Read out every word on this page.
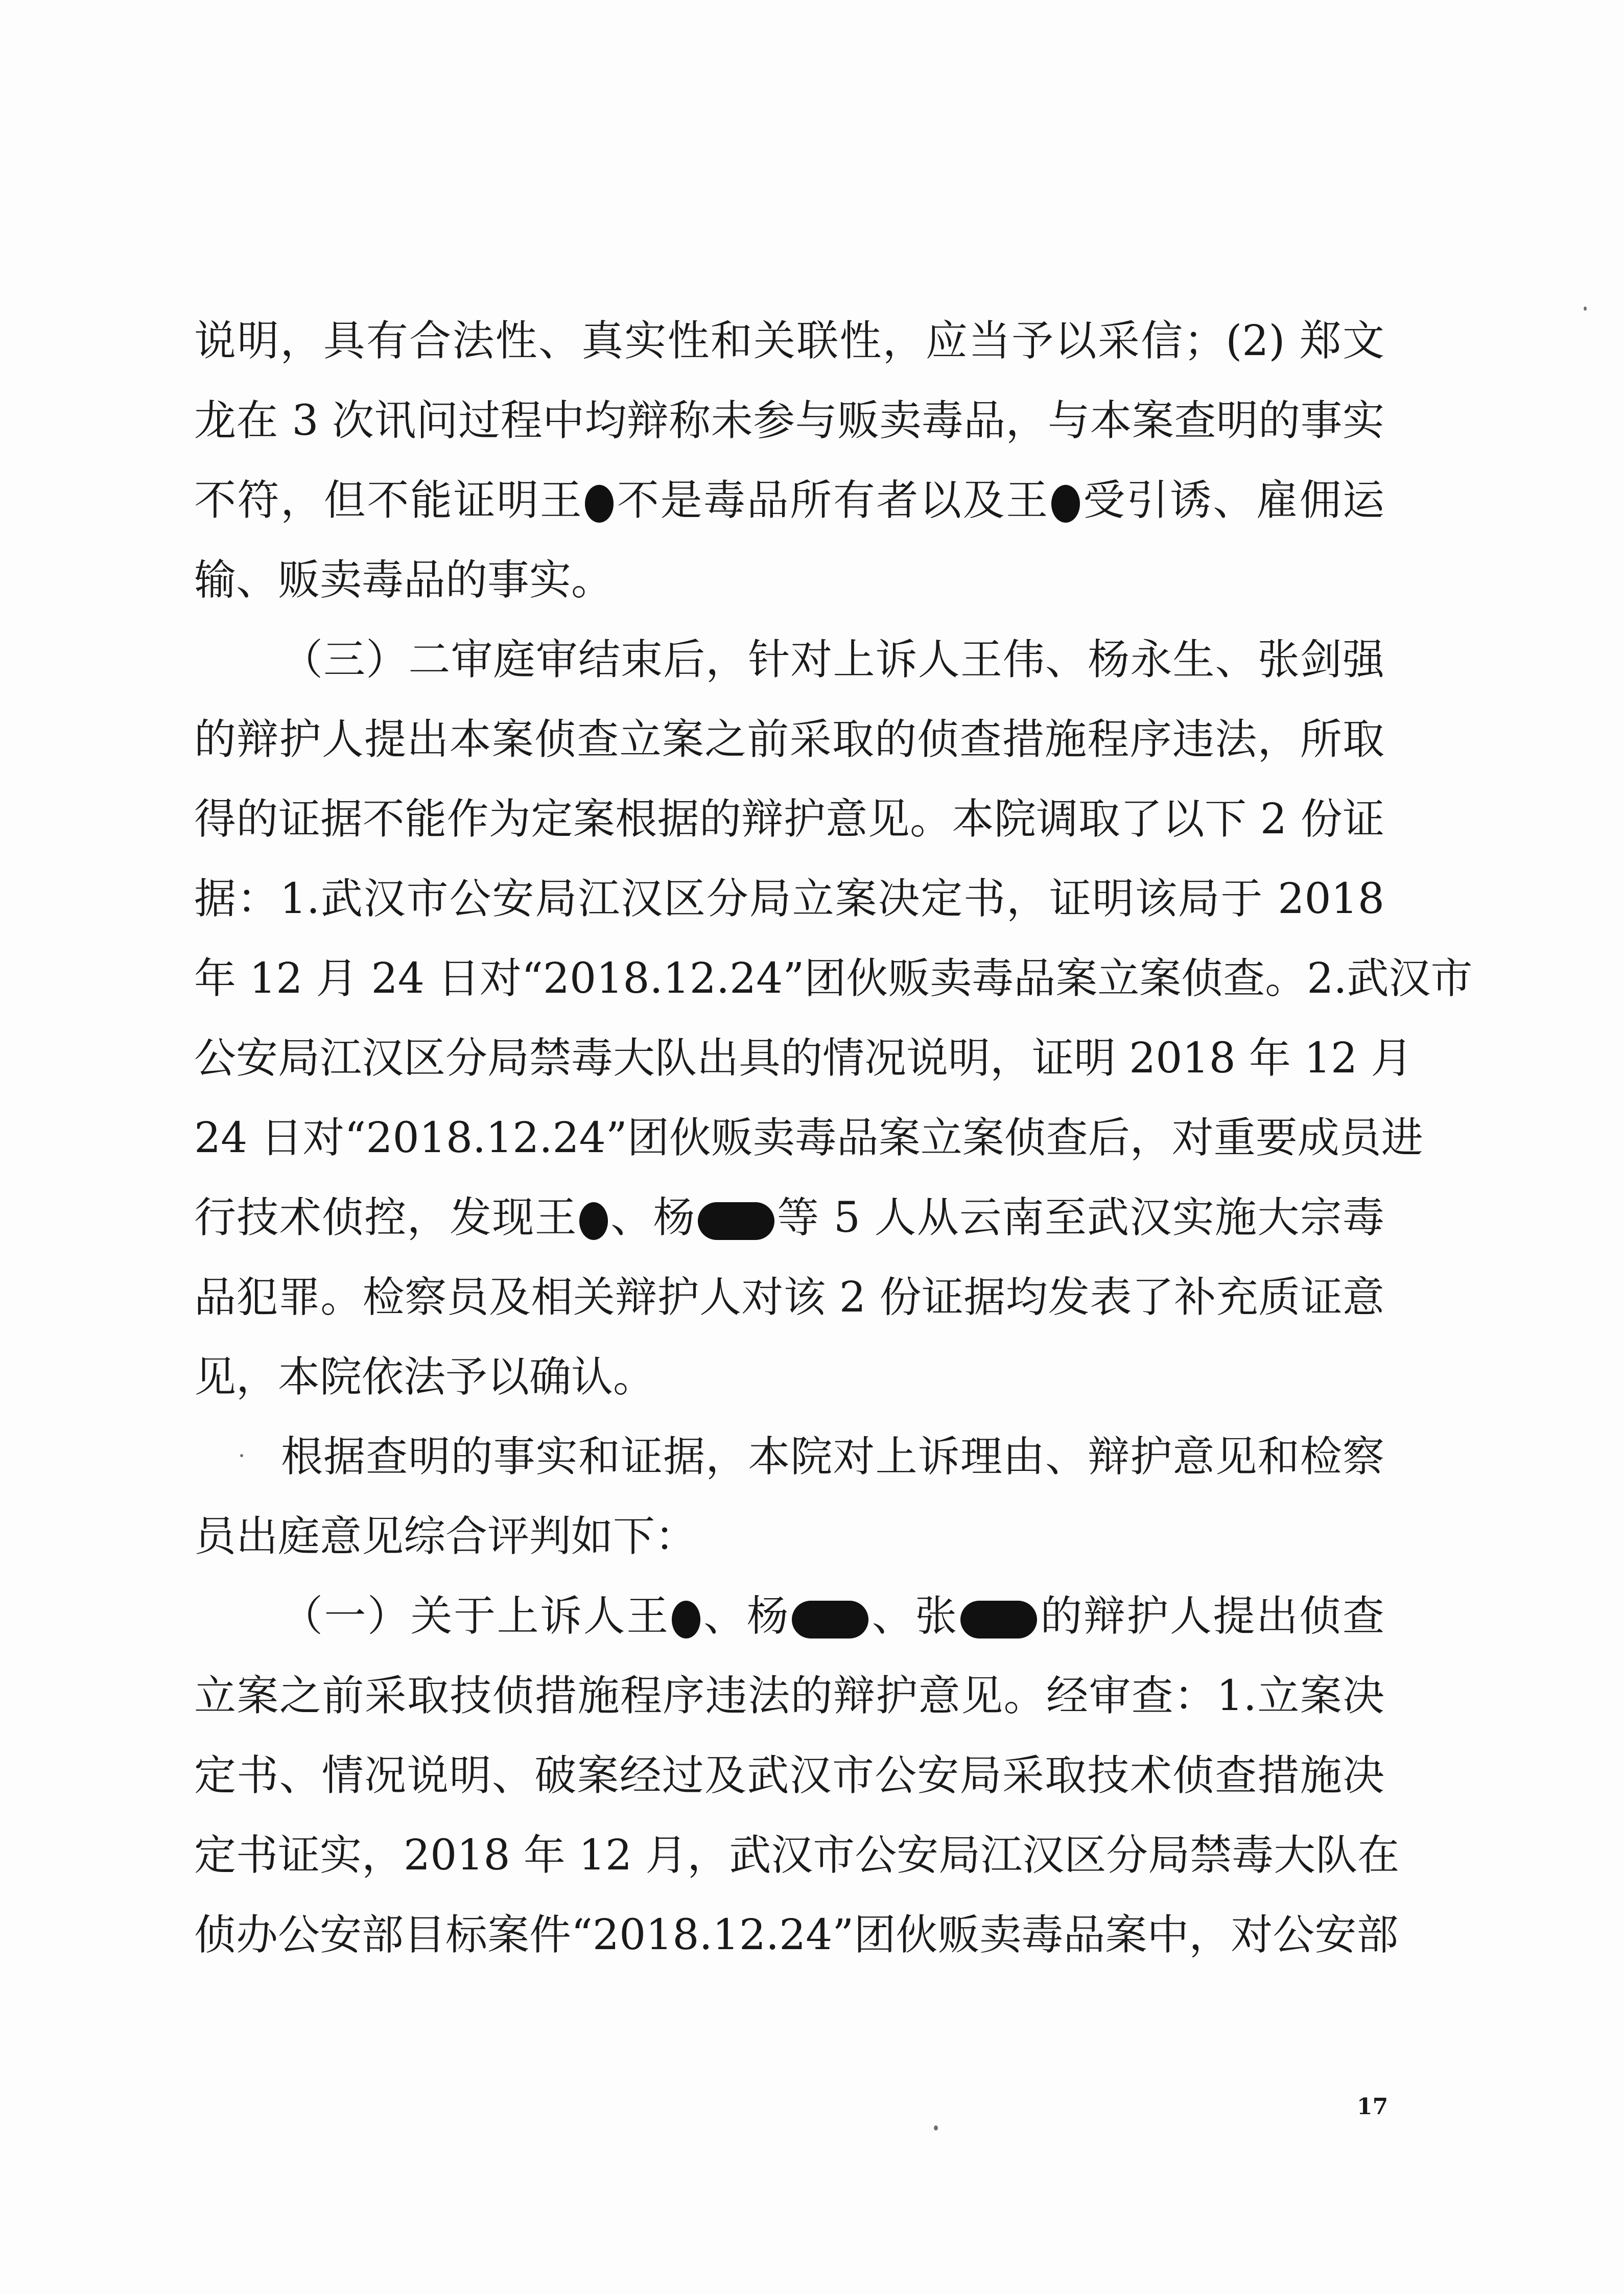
说明，具有合法性、真实性和关联性，应当予以采信；(2) 郑文
龙在 3 次讯问过程中均辩称未参与贩卖毒品，与本案查明的事实
不符，但不能证明王 不是毒品所有者以及王 受引诱、雇佣运
输、贩卖毒品的事实。
（三）二审庭审结束后，针对上诉人王伟、杨永生、张剑强
的辩护人提出本案侦查立案之前采取的侦查措施程序违法，所取
得的证据不能作为定案根据的辩护意见。本院调取了以下 2 份证
据：1.武汉市公安局江汉区分局立案决定书，证明该局于 2018
年 12 月 24 日对“2018.12.24”团伙贩卖毒品案立案侦查。2.武汉市
公安局江汉区分局禁毒大队出具的情况说明，证明 2018 年 12 月
24 日对“2018.12.24”团伙贩卖毒品案立案侦查后，对重要成员进
行技术侦控，发现王 、杨 等 5 人从云南至武汉实施大宗毒
品犯罪。检察员及相关辩护人对该 2 份证据均发表了补充质证意
见，本院依法予以确认。
根据查明的事实和证据，本院对上诉理由、辩护意见和检察
员出庭意见综合评判如下：
（一）关于上诉人王 、杨 、张 的辩护人提出侦查
立案之前采取技侦措施程序违法的辩护意见。经审查：1.立案决
定书、情况说明、破案经过及武汉市公安局采取技术侦查措施决
定书证实，2018 年 12 月，武汉市公安局江汉区分局禁毒大队在
侦办公安部目标案件“2018.12.24”团伙贩卖毒品案中，对公安部
17
